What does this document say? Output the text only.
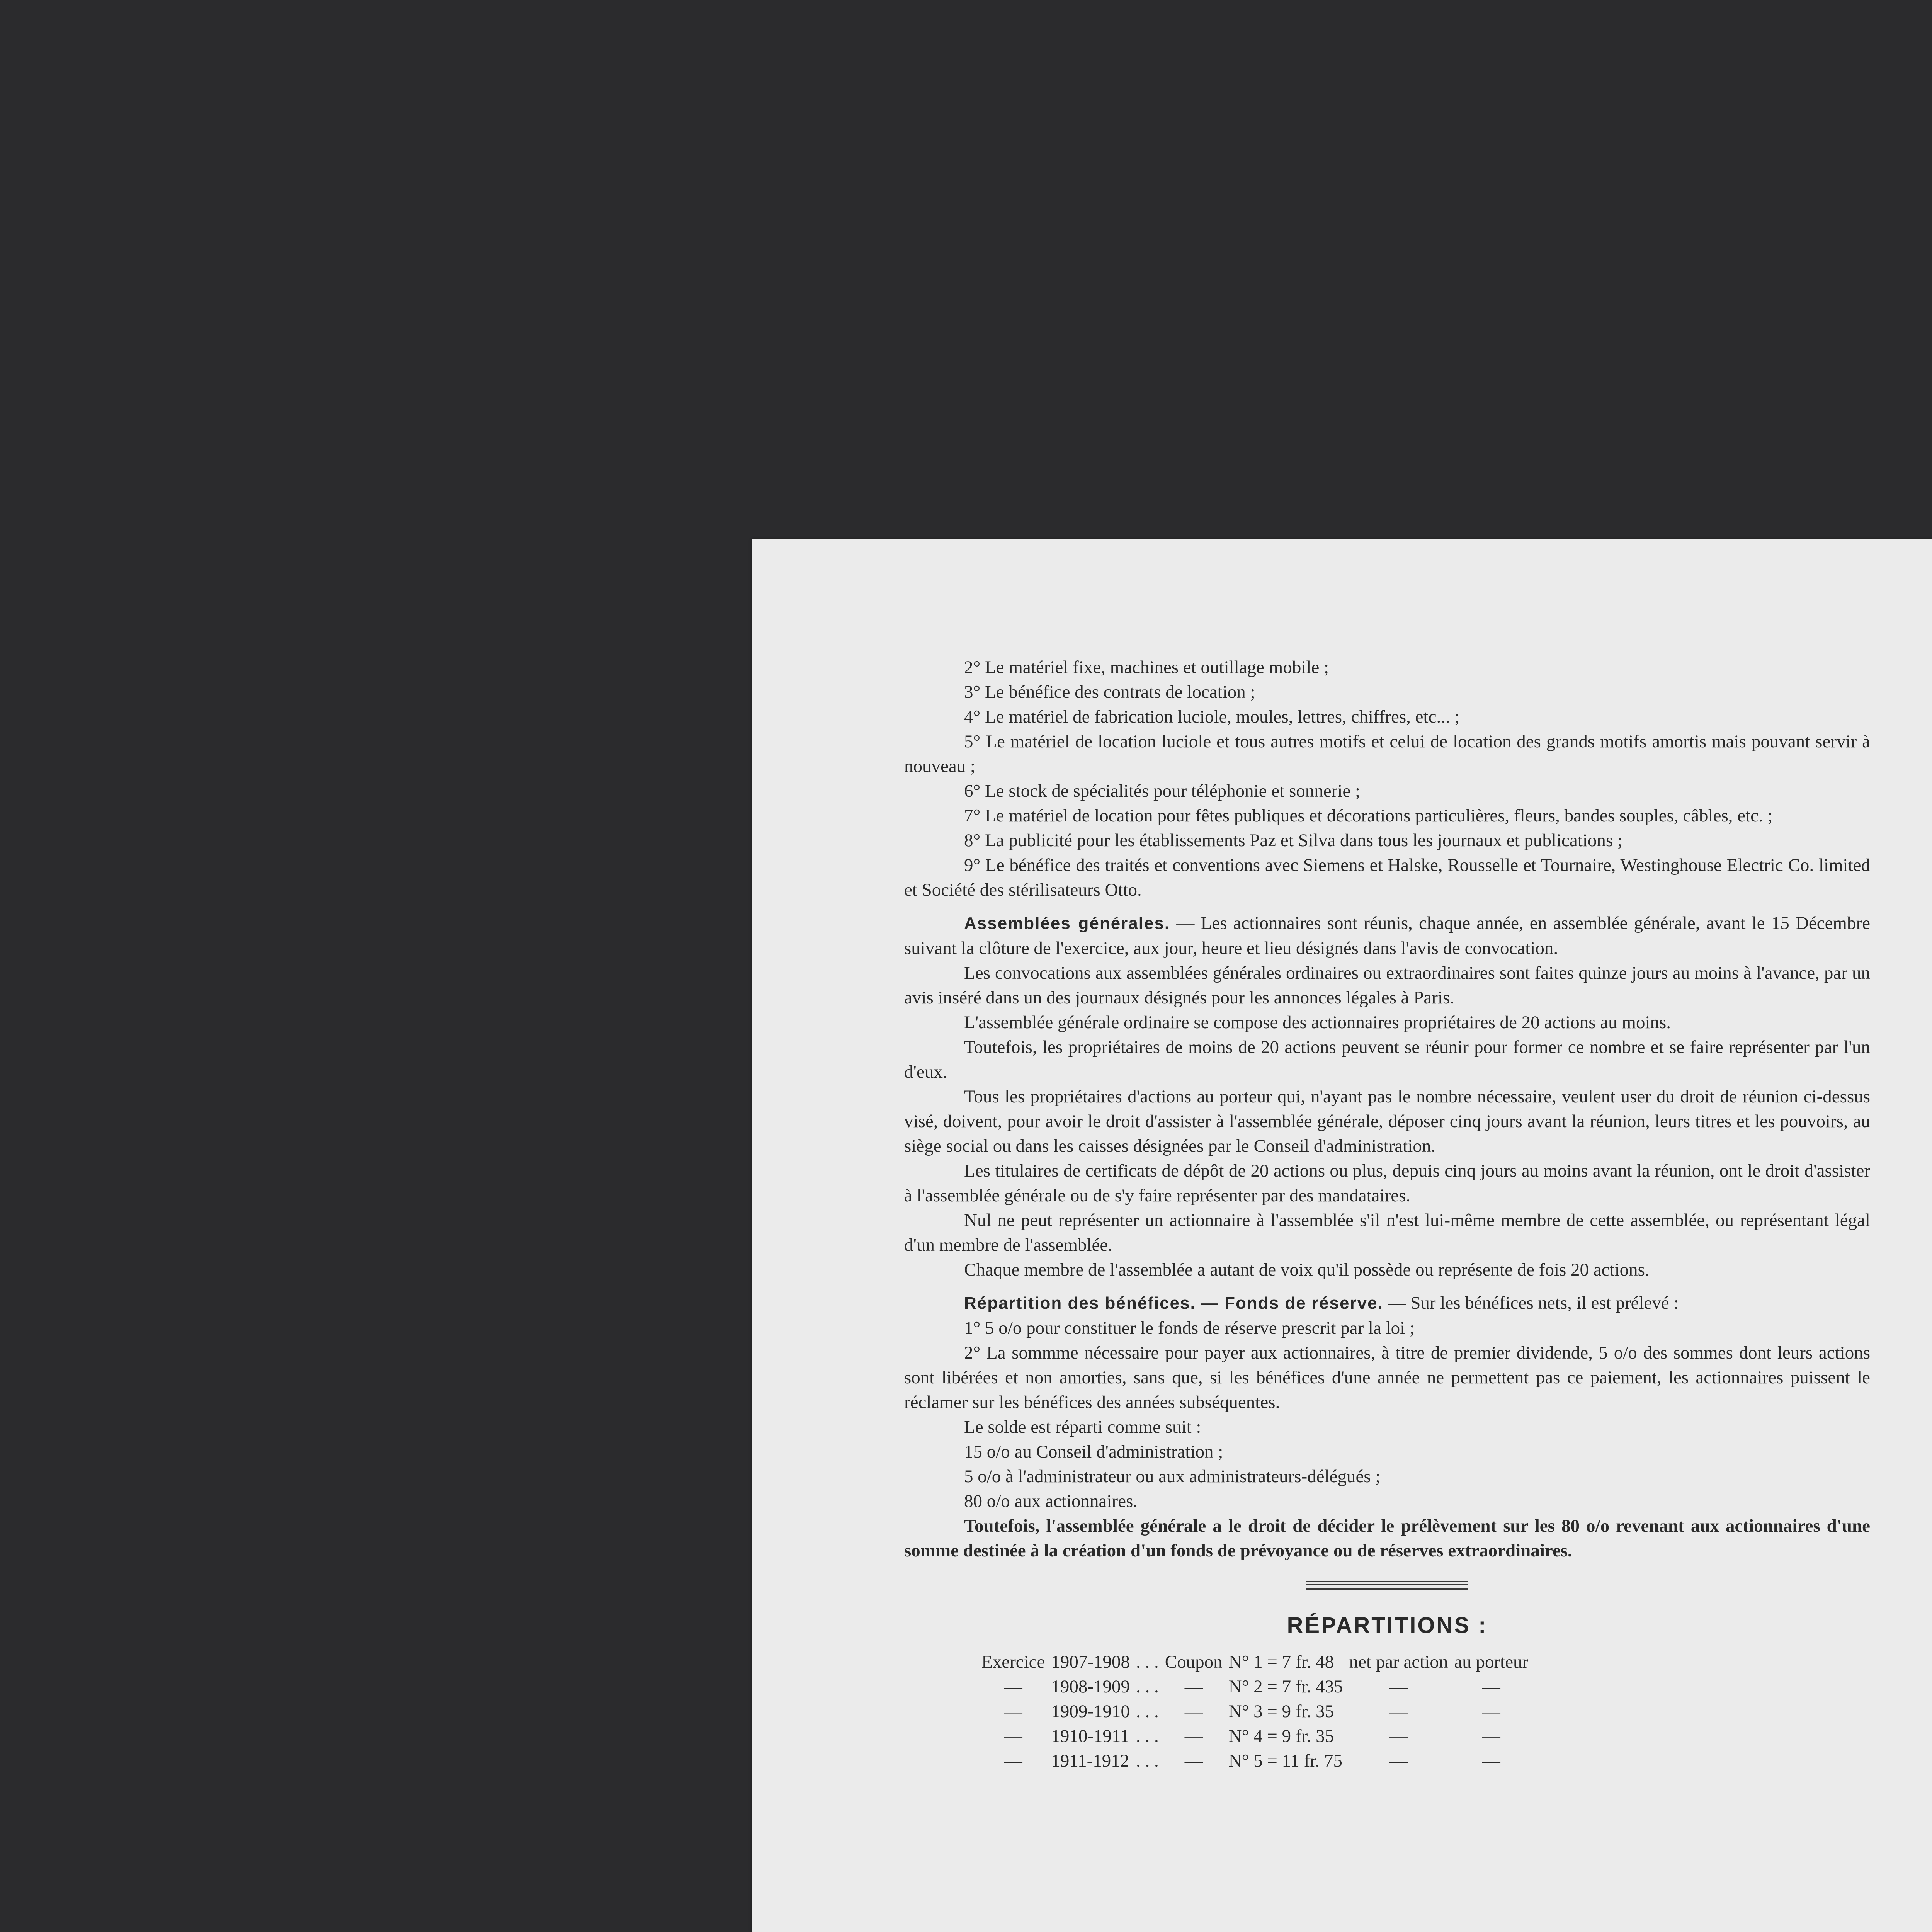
2° Le matériel fixe, machines et outillage mobile ;

3° Le bénéfice des contrats de location ;

4° Le matériel de fabrication luciole, moules, lettres, chiffres, etc... ;

5° Le matériel de location luciole et tous autres motifs et celui de location des grands motifs amortis mais pouvant servir à nouveau ;

6° Le stock de spécialités pour téléphonie et sonnerie ;

7° Le matériel de location pour fêtes publiques et décorations particulières, fleurs, bandes souples, câbles, etc. ;

8° La publicité pour les établissements Paz et Silva dans tous les journaux et publications ;

9° Le bénéfice des traités et conventions avec Siemens et Halske, Rousselle et Tournaire, Westinghouse Electric Co. limited et Société des stérilisateurs Otto.

Assemblées générales. — Les actionnaires sont réunis, chaque année, en assemblée générale, avant le 15 Décembre suivant la clôture de l'exercice, aux jour, heure et lieu désignés dans l'avis de convocation.

Les convocations aux assemblées générales ordinaires ou extraordinaires sont faites quinze jours au moins à l'avance, par un avis inséré dans un des journaux désignés pour les annonces légales à Paris.

L'assemblée générale ordinaire se compose des actionnaires propriétaires de 20 actions au moins.

Toutefois, les propriétaires de moins de 20 actions peuvent se réunir pour former ce nombre et se faire représenter par l'un d'eux.

Tous les propriétaires d'actions au porteur qui, n'ayant pas le nombre nécessaire, veulent user du droit de réunion ci-dessus visé, doivent, pour avoir le droit d'assister à l'assemblée générale, déposer cinq jours avant la réunion, leurs titres et les pouvoirs, au siège social ou dans les caisses désignées par le Conseil d'administration.

Les titulaires de certificats de dépôt de 20 actions ou plus, depuis cinq jours au moins avant la réunion, ont le droit d'assister à l'assemblée générale ou de s'y faire représenter par des mandataires.

Nul ne peut représenter un actionnaire à l'assemblée s'il n'est lui-même membre de cette assemblée, ou représentant légal d'un membre de l'assemblée.

Chaque membre de l'assemblée a autant de voix qu'il possède ou représente de fois 20 actions.

Répartition des bénéfices. — Fonds de réserve. — Sur les bénéfices nets, il est prélevé :

1° 5 o/o pour constituer le fonds de réserve prescrit par la loi ;

2° La sommme nécessaire pour payer aux actionnaires, à titre de premier dividende, 5 o/o des sommes dont leurs actions sont libérées et non amorties, sans que, si les bénéfices d'une année ne permettent pas ce paiement, les actionnaires puissent le réclamer sur les bénéfices des années subséquentes.

Le solde est réparti comme suit :

15 o/o au Conseil d'administration ;

5 o/o à l'administrateur ou aux administrateurs-délégués ;

80 o/o aux actionnaires.

Toutefois, l'assemblée générale a le droit de décider le prélèvement sur les 80 o/o revenant aux actionnaires d'une somme destinée à la création d'un fonds de prévoyance ou de réserves extraordinaires.

RÉPARTITIONS :

Exercice	1907-1908	. . .	Coupon	N° 1 = 7 fr. 48	net par action	au porteur
—	1908-1909	. . .	—	N° 2 = 7 fr. 435	—	—
—	1909-1910	. . .	—	N° 3 = 9 fr. 35	—	—
—	1910-1911	. . .	—	N° 4 = 9 fr. 35	—	—
—	1911-1912	. . .	—	N° 5 = 11 fr. 75	—	—
